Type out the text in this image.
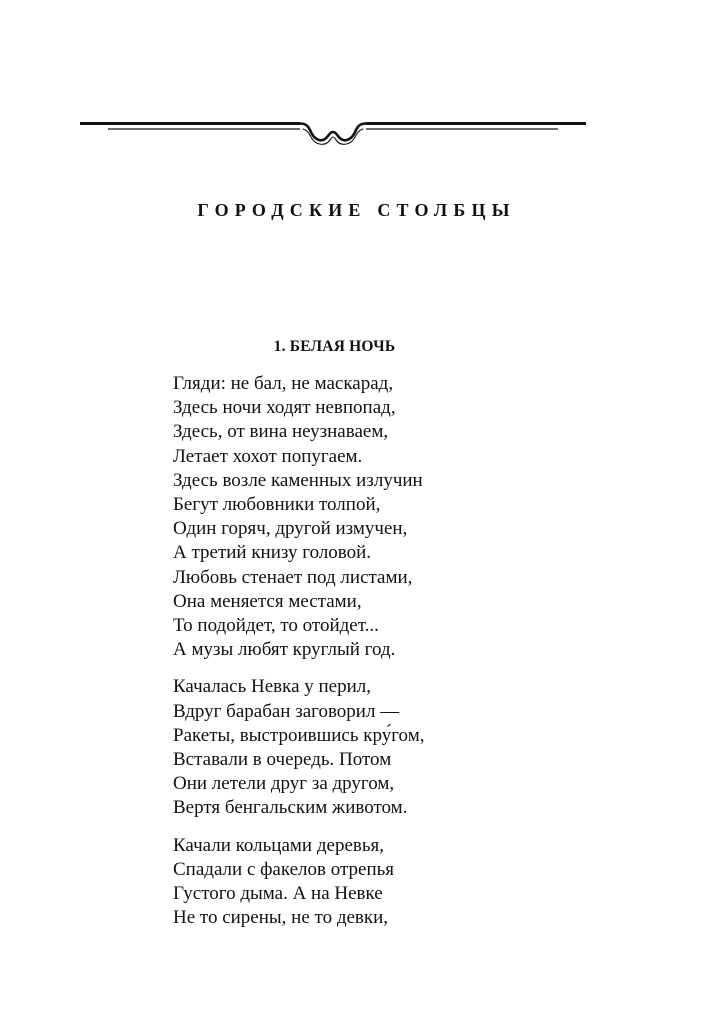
ГОРОДСКИЕ СТОЛБЦЫ
1. БЕЛАЯ НОЧЬ

Гляди: не бал, не маскарад,
Здесь ночи ходят невпопад,
Здесь, от вина неузнаваем,
Летает хохот попугаем.
Здесь возле каменных излучин
Бегут любовники толпой,
Один горяч, другой измучен,
А третий книзу головой.
Любовь стенает под листами,
Она меняется местами,
То подойдет, то отойдет...
А музы любят круглый год.

Качалась Невка у перил,
Вдруг барабан заговорил —
Ракеты, выстроившись кру́гом,
Вставали в очередь. Потом
Они летели друг за другом,
Вертя бенгальским животом.

Качали кольцами деревья,
Спадали с факелов отрепья
Густого дыма. А на Невке
Не то сирены, не то девки,
